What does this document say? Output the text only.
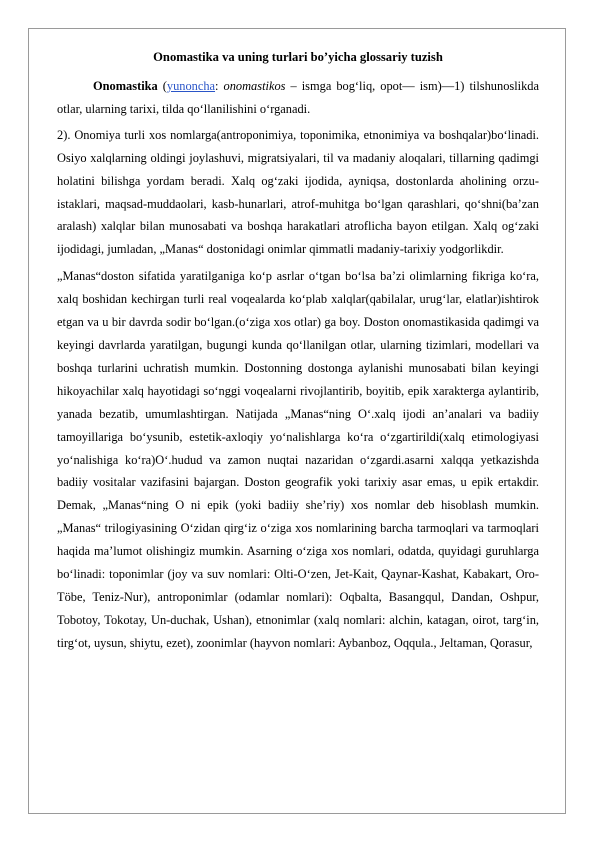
Onomastika va uning turlari bo’yicha glossariy tuzish

Onomastika (yunoncha: onomastikos – ismga bog‘liq, opot— ism)—1) tilshunoslikda otlar, ularning tarixi, tilda qo‘llanilishini o‘rganadi.

2). Onomiya turli xos nomlarga(antroponimiya, toponimika, etnonimiya va boshqalar)bo‘linadi. Osiyo xalqlarning oldingi joylashuvi, migratsiyalari, til va madaniy aloqalari, tillarning qadimgi holatini bilishga yordam beradi. Xalq og‘zaki ijodida, ayniqsa, dostonlarda aholining orzu-istaklari, maqsad-muddaolari, kasb-hunarlari, atrof-muhitga bo‘lgan qarashlari, qo‘shni(ba’zan aralash) xalqlar bilan munosabati va boshqa harakatlari atroflicha bayon etilgan. Xalq og‘zaki ijodidagi, jumladan, „Manas“ dostonidagi onimlar qimmatli madaniy-tarixiy yodgorlikdir.

„Manas“doston sifatida yaratilganiga ko‘p asrlar o‘tgan bo‘lsa ba’zi olimlarning fikriga ko‘ra, xalq boshidan kechirgan turli real voqealarda ko‘plab xalqlar(qabilalar, urug‘lar, elatlar)ishtirok etgan va u bir davrda sodir bo‘lgan.(o‘ziga xos otlar) ga boy. Doston onomastikasida qadimgi va keyingi davrlarda yaratilgan, bugungi kunda qo‘llanilgan otlar, ularning tizimlari, modellari va boshqa turlarini uchratish mumkin. Dostonning dostonga aylanishi munosabati bilan keyingi hikoyachilar xalq hayotidagi so‘nggi voqealarni rivojlantirib, boyitib, epik xarakterga aylantirib, yanada bezatib, umumlashtirgan. Natijada „Manas“ning O‘.xalq ijodi an’analari va badiiy tamoyillariga bo‘ysunib, estetik-axloqiy yo‘nalishlarga ko‘ra o‘zgartirildi(xalq etimologiyasi yo‘nalishiga ko‘ra)O‘.hudud va zamon nuqtai nazaridan o‘zgardi.asarni xalqqa yetkazishda badiiy vositalar vazifasini bajargan. Doston geografik yoki tarixiy asar emas, u epik ertakdir. Demak, „Manas“ning O ni epik (yoki badiiy she’riy) xos nomlar deb hisoblash mumkin. „Manas“ trilogiyasining O‘zidan qirg‘iz o‘ziga xos nomlarining barcha tarmoqlari va tarmoqlari haqida ma’lumot olishingiz mumkin. Asarning o‘ziga xos nomlari, odatda, quyidagi guruhlarga bo‘linadi: toponimlar (joy va suv nomlari: Olti-O‘zen, Jet-Kait, Qaynar-Kashat, Kabakart, Oro-Töbe, Teniz-Nur), antroponimlar (odamlar nomlari): Oqbalta, Basangqul, Dandan, Oshpur, Tobotoy, Tokotay, Un-duchak, Ushan), etnonimlar (xalq nomlari: alchin, katagan, oirot, targ‘in, tirg‘ot, uysun, shiytu, ezet), zoonimlar (hayvon nomlari: Aybanboz, Oqqula., Jeltaman, Qorasur,
